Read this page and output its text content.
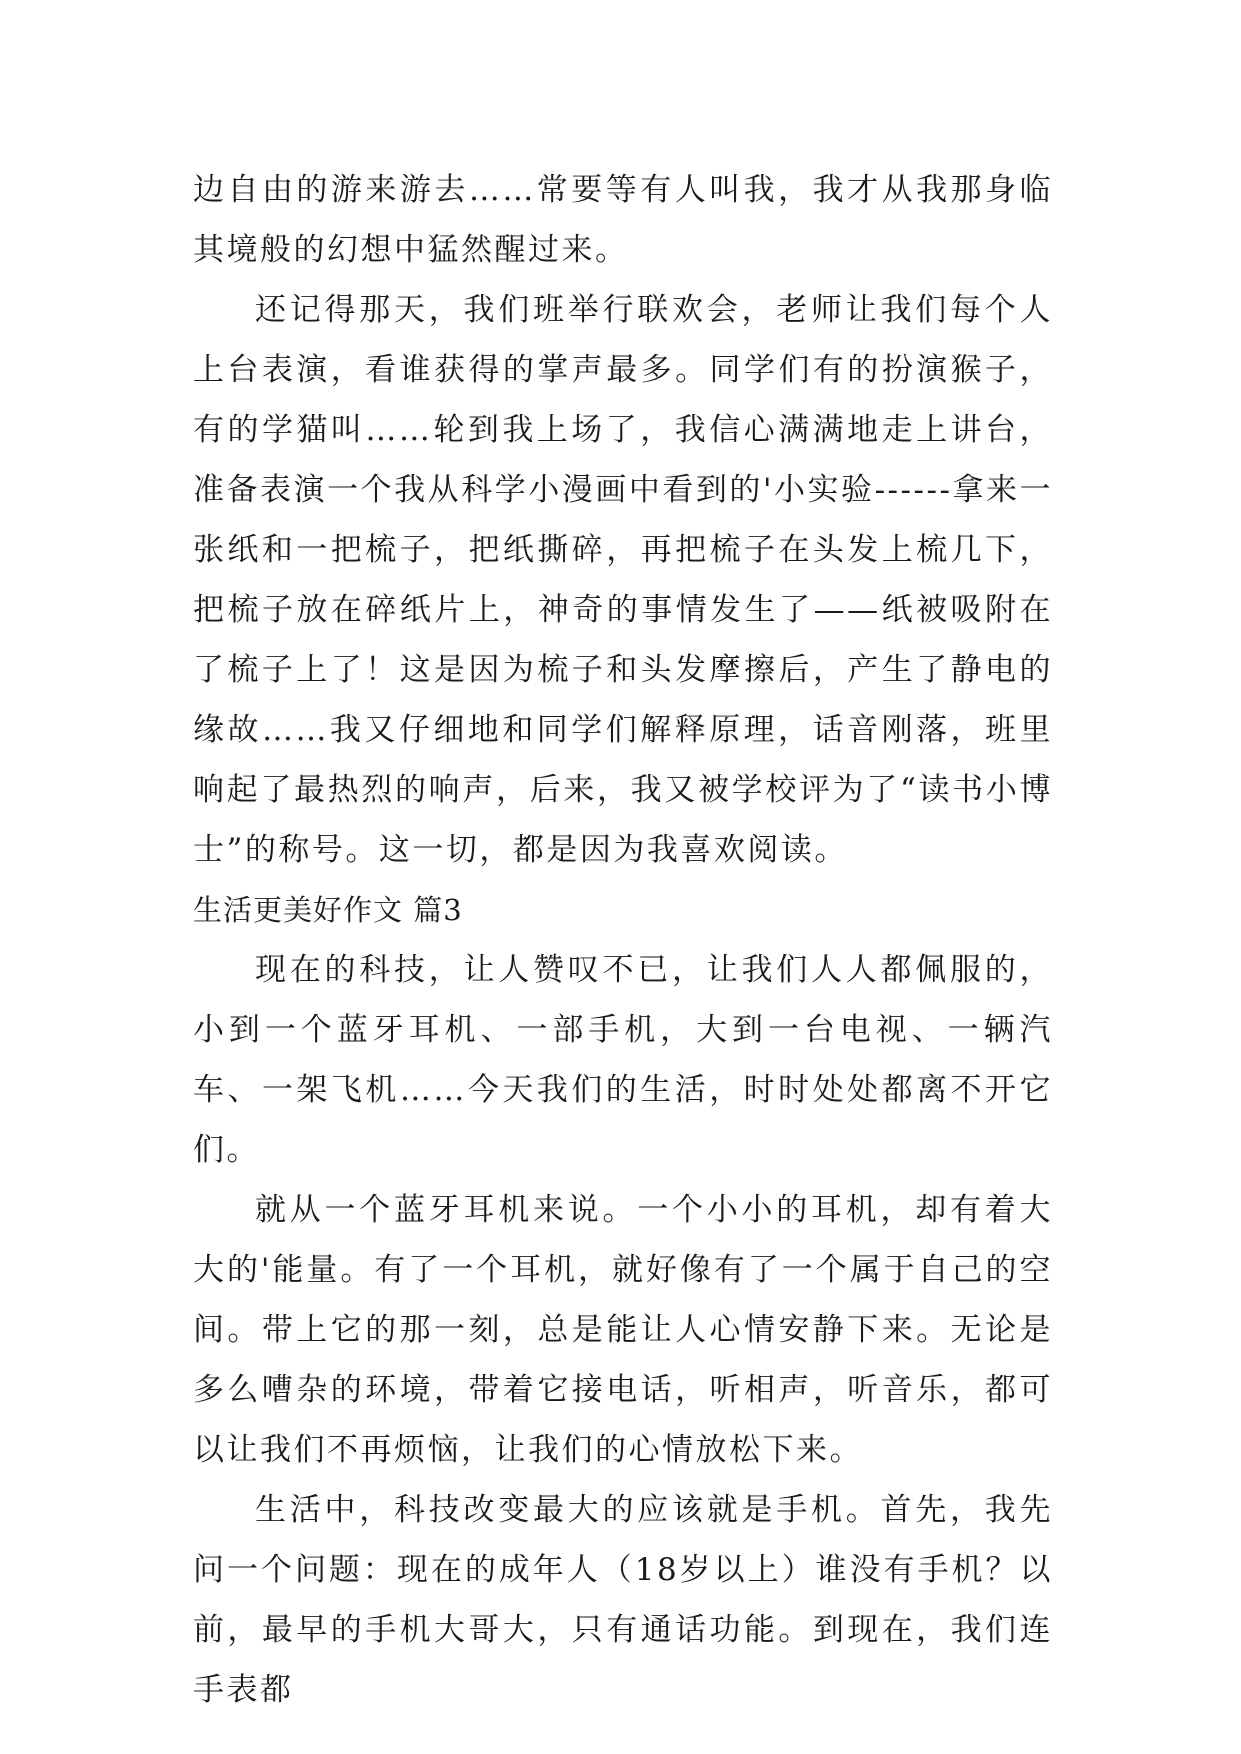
边自由的游来游去……常要等有人叫我，我才从我那身临其境般的幻想中猛然醒过来。

还记得那天，我们班举行联欢会，老师让我们每个人上台表演，看谁获得的掌声最多。同学们有的扮演猴子，有的学猫叫……轮到我上场了，我信心满满地走上讲台，准备表演一个我从科学小漫画中看到的'小实验------拿来一张纸和一把梳子，把纸撕碎，再把梳子在头发上梳几下，把梳子放在碎纸片上，神奇的事情发生了——纸被吸附在了梳子上了！这是因为梳子和头发摩擦后，产生了静电的缘故……我又仔细地和同学们解释原理，话音刚落，班里响起了最热烈的响声，后来，我又被学校评为了“读书小博士”的称号。这一切，都是因为我喜欢阅读。

生活更美好作文 篇3

现在的科技，让人赞叹不已，让我们人人都佩服的，小到一个蓝牙耳机、一部手机，大到一台电视、一辆汽车、一架飞机……今天我们的生活，时时处处都离不开它们。

就从一个蓝牙耳机来说。一个小小的耳机，却有着大大的'能量。有了一个耳机，就好像有了一个属于自己的空间。带上它的那一刻，总是能让人心情安静下来。无论是多么嘈杂的环境，带着它接电话，听相声，听音乐，都可以让我们不再烦恼，让我们的心情放松下来。

生活中，科技改变最大的应该就是手机。首先，我先问一个问题：现在的成年人（18岁以上）谁没有手机？以前，最早的手机大哥大，只有通话功能。到现在，我们连手表都
